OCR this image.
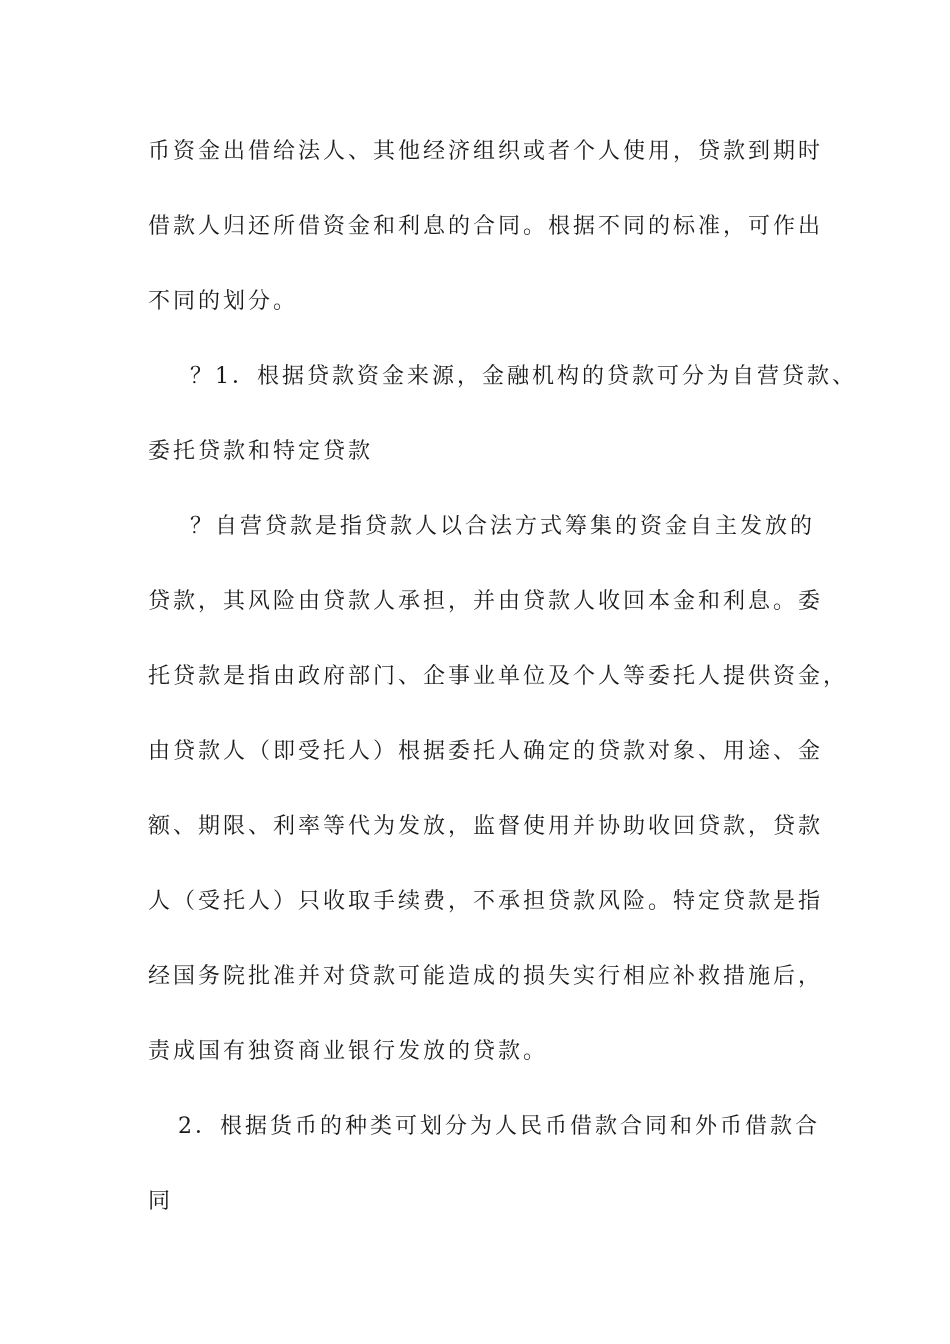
币资金出借给法人、其他经济组织或者个人使用，贷款到期时
借款人归还所借资金和利息的合同。根据不同的标准，可作出
不同的划分。
？1．根据贷款资金来源，金融机构的贷款可分为自营贷款、
委托贷款和特定贷款
？自营贷款是指贷款人以合法方式筹集的资金自主发放的
贷款，其风险由贷款人承担，并由贷款人收回本金和利息。委
托贷款是指由政府部门、企事业单位及个人等委托人提供资金，
由贷款人（即受托人）根据委托人确定的贷款对象、用途、金
额、期限、利率等代为发放，监督使用并协助收回贷款，贷款
人（受托人）只收取手续费，不承担贷款风险。特定贷款是指
经国务院批准并对贷款可能造成的损失实行相应补救措施后，
责成国有独资商业银行发放的贷款。
2．根据货币的种类可划分为人民币借款合同和外币借款合
同
